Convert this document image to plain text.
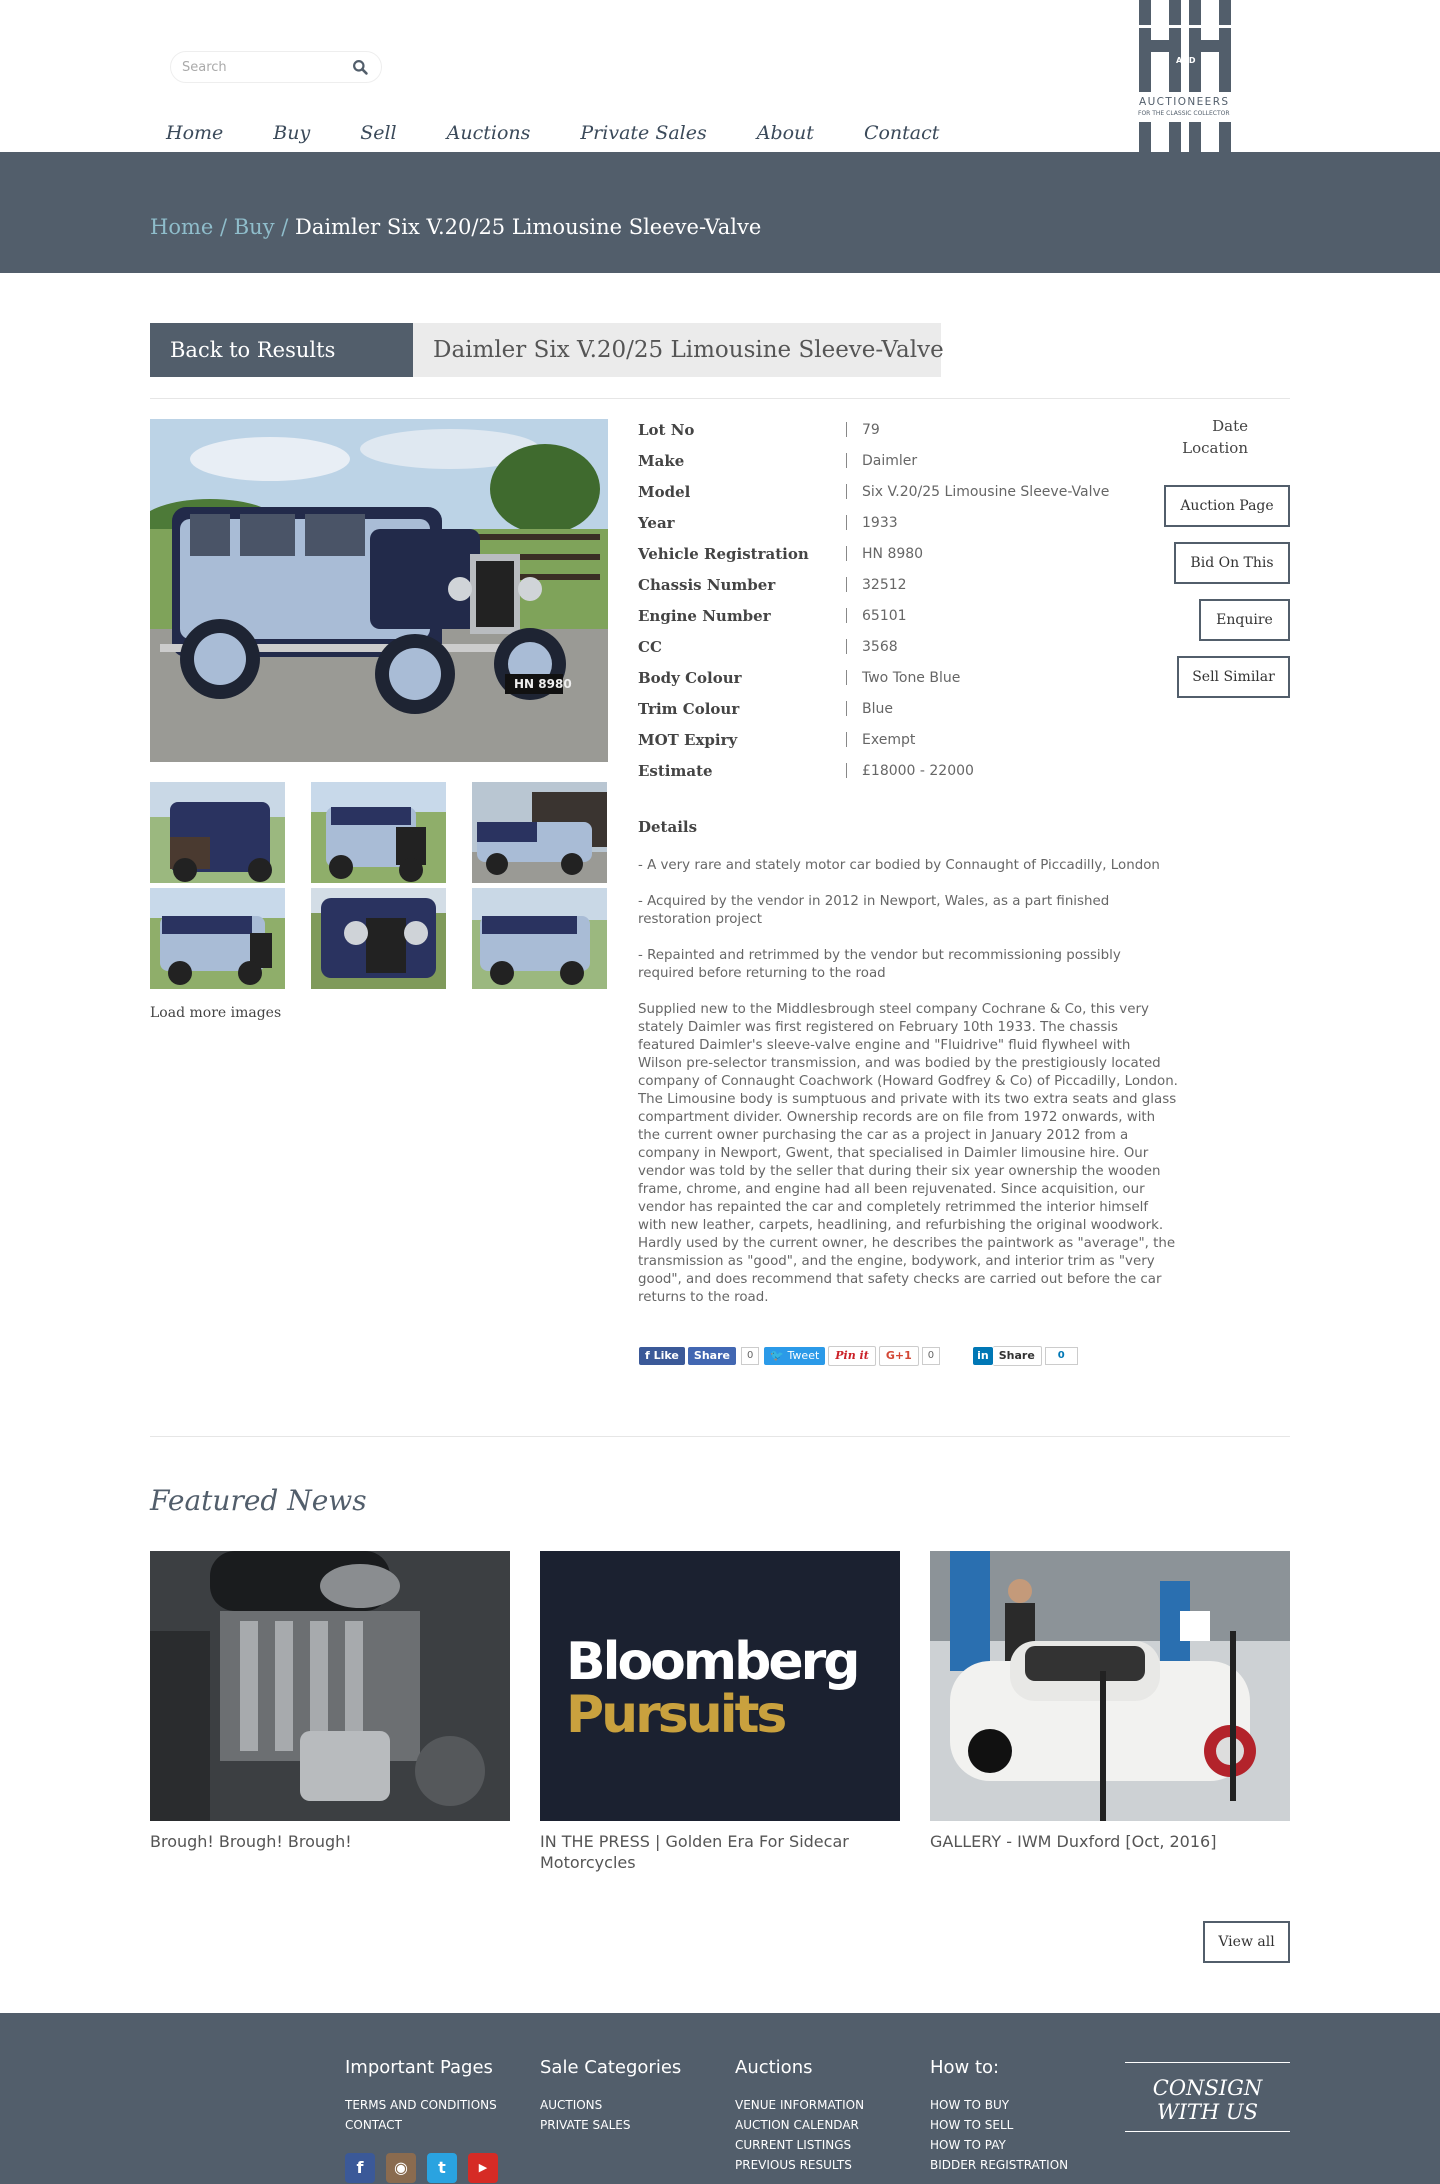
Search
Home	Buy	Sell	Auctions	Private Sales	About	Contact
AND
AUCTIONEERS
FOR THE CLASSIC COLLECTOR
Home / Buy / Daimler Six V.20/25 Limousine Sleeve-Valve
Back to Results	Daimler Six V.20/25 Limousine Sleeve-Valve
HN 8980
Load more images
Lot No	79
Make	Daimler
Model	Six V.20/25 Limousine Sleeve-Valve
Year	1933
Vehicle Registration	HN 8980
Chassis Number	32512
Engine Number	65101
CC	3568
Body Colour	Two Tone Blue
Trim Colour	Blue
MOT Expiry	Exempt
Estimate	£18000 - 22000
Date
Location
Auction Page
Bid On This
Enquire
Sell Similar
Details
- A very rare and stately motor car bodied by Connaught of Piccadilly, London
- Acquired by the vendor in 2012 in Newport, Wales, as a part finished restoration project
- Repainted and retrimmed by the vendor but recommissioning possibly required before returning to the road
Supplied new to the Middlesbrough steel company Cochrane & Co, this very stately Daimler was first registered on February 10th 1933. The chassis featured Daimler's sleeve-valve engine and "Fluidrive" fluid flywheel with Wilson pre-selector transmission, and was bodied by the prestigiously located company of Connaught Coachwork (Howard Godfrey & Co) of Piccadilly, London. The Limousine body is sumptuous and private with its two extra seats and glass compartment divider. Ownership records are on file from 1972 onwards, with the current owner purchasing the car as a project in January 2012 from a company in Newport, Gwent, that specialised in Daimler limousine hire. Our vendor was told by the seller that during their six year ownership the wooden frame, chrome, and engine had all been rejuvenated. Since acquisition, our vendor has repainted the car and completely retrimmed the interior himself with new leather, carpets, headlining, and refurbishing the original woodwork. Hardly used by the current owner, he describes the paintwork as "average", the transmission as "good", and the engine, bodywork, and interior trim as "very good", and does recommend that safety checks are carried out before the car returns to the road.
f Like	Share	0	🐦 Tweet	Pin it	G+1	0	in Share	0
Featured News
Brough! Brough! Brough!
Bloomberg
Pursuits
IN THE PRESS | Golden Era For Sidecar Motorcycles
GALLERY - IWM Duxford [Oct, 2016]
View all
Important Pages
TERMS AND CONDITIONS
CONTACT
Sale Categories
AUCTIONS
PRIVATE SALES
Auctions
VENUE INFORMATION
AUCTION CALENDAR
CURRENT LISTINGS
PREVIOUS RESULTS
How to:
HOW TO BUY
HOW TO SELL
HOW TO PAY
BIDDER REGISTRATION
CONSIGN WITH US
f	◉	t	▶
